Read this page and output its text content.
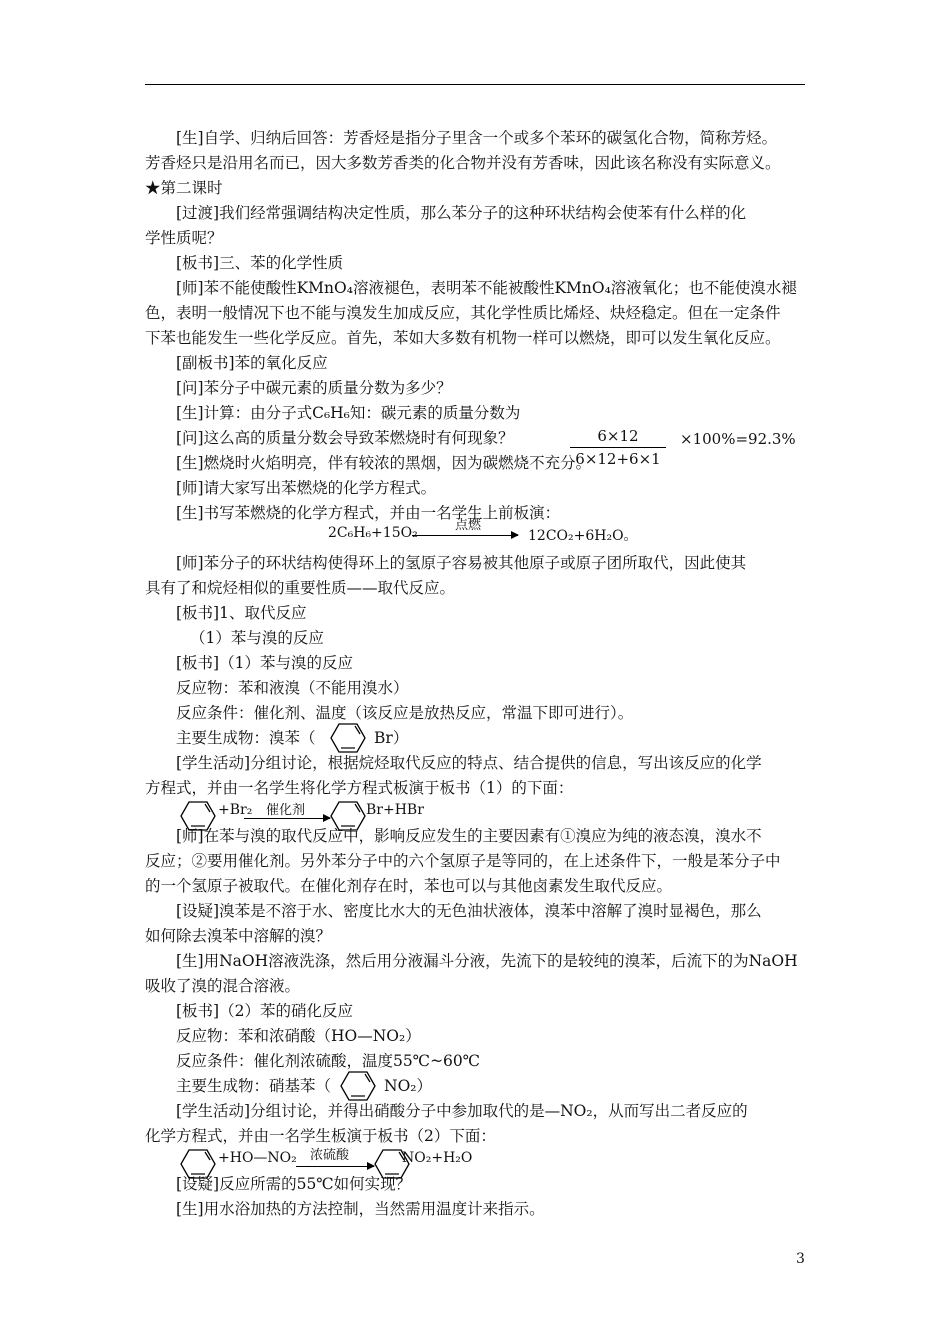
[生]自学、归纳后回答：芳香烃是指分子里含一个或多个苯环的碳氢化合物，简称芳烃。
芳香烃只是沿用名而已，因大多数芳香类的化合物并没有芳香味，因此该名称没有实际意义。
★第二课时
[过渡]我们经常强调结构决定性质，那么苯分子的这种环状结构会使苯有什么样的化
学性质呢？
[板书]三、苯的化学性质
[师]苯不能使酸性KMnO₄溶液褪色，表明苯不能被酸性KMnO₄溶液氧化；也不能使溴水褪
色，表明一般情况下也不能与溴发生加成反应，其化学性质比烯烃、炔烃稳定。但在一定条件
下苯也能发生一些化学反应。首先，苯如大多数有机物一样可以燃烧，即可以发生氧化反应。
[副板书]苯的氧化反应
[问]苯分子中碳元素的质量分数为多少？
[生]计算：由分子式C₆H₆知：碳元素的质量分数为
6×12
6×12+6×1
×100%=92.3%
[问]这么高的质量分数会导致苯燃烧时有何现象？
[生]燃烧时火焰明亮，伴有较浓的黑烟，因为碳燃烧不充分。
[师]请大家写出苯燃烧的化学方程式。
[生]书写苯燃烧的化学方程式，并由一名学生上前板演：
2C₆H₆+15O₂	点燃
12CO₂+6H₂O。
[师]苯分子的环状结构使得环上的氢原子容易被其他原子或原子团所取代，因此使其
具有了和烷烃相似的重要性质——取代反应。
[板书]1、取代反应
（1）苯与溴的反应
[板书]（1）苯与溴的反应
反应物：苯和液溴（不能用溴水）
反应条件：催化剂、温度（该反应是放热反应，常温下即可进行）。
主要生成物：溴苯（	Br）
[学生活动]分组讨论，根据烷烃取代反应的特点、结合提供的信息，写出该反应的化学
方程式，并由一名学生将化学方程式板演于板书（1）的下面：
+Br₂ 催化剂	Br+HBr
[师]在苯与溴的取代反应中，影响反应发生的主要因素有①溴应为纯的液态溴，溴水不
反应；②要用催化剂。另外苯分子中的六个氢原子是等同的，在上述条件下，一般是苯分子中
的一个氢原子被取代。在催化剂存在时，苯也可以与其他卤素发生取代反应。
[设疑]溴苯是不溶于水、密度比水大的无色油状液体，溴苯中溶解了溴时显褐色，那么
如何除去溴苯中溶解的溴？
[生]用NaOH溶液洗涤，然后用分液漏斗分液，先流下的是较纯的溴苯，后流下的为NaOH
吸收了溴的混合溶液。
[板书]（2）苯的硝化反应
反应物：苯和浓硝酸（HO—NO₂）
反应条件：催化剂浓硫酸，温度55℃~60℃
主要生成物：硝基苯（	NO₂）
[学生活动]分组讨论，并得出硝酸分子中参加取代的是—NO₂，从而写出二者反应的
化学方程式，并由一名学生板演于板书（2）下面：
+HO—NO₂ 浓硫酸	NO₂+H₂O
[设疑]反应所需的55℃如何实现？
[生]用水浴加热的方法控制，当然需用温度计来指示。
3
